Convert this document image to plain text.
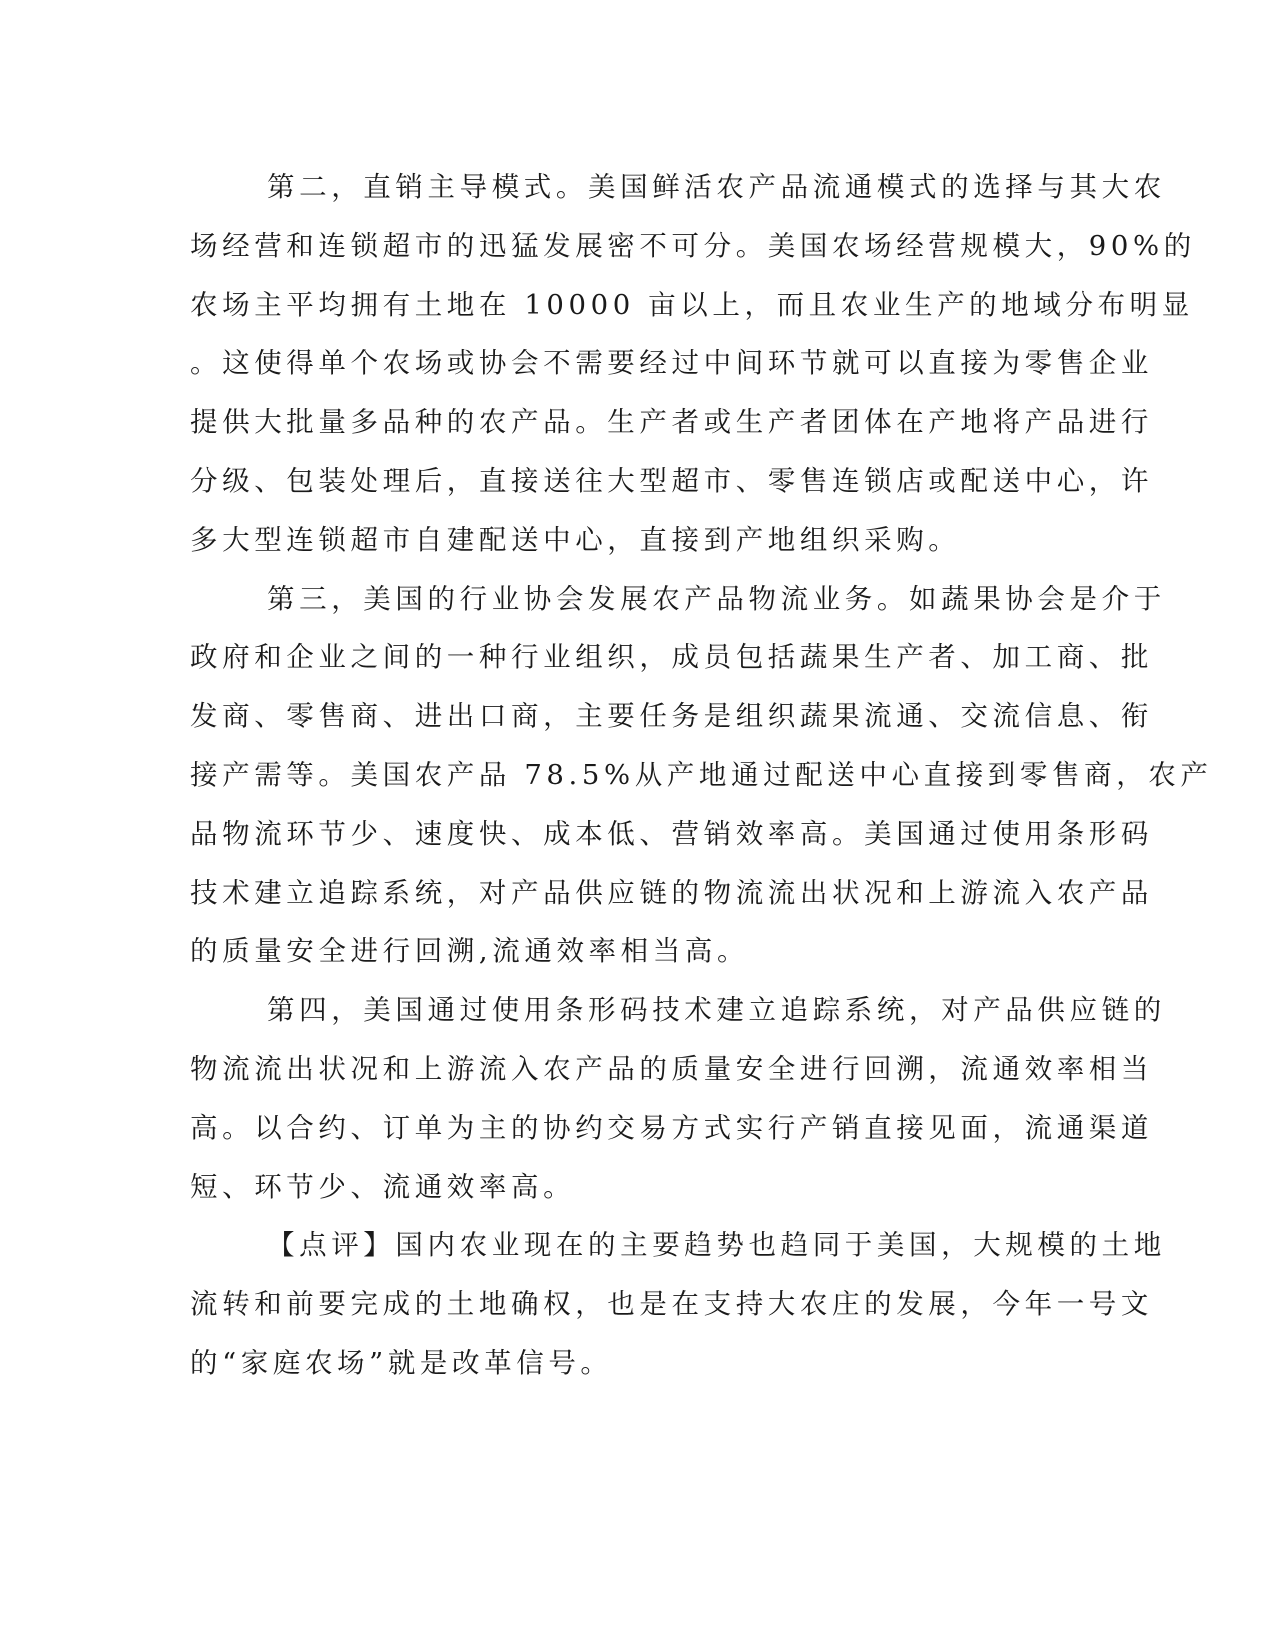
第二，直销主导模式。美国鲜活农产品流通模式的选择与其大农
场经营和连锁超市的迅猛发展密不可分。美国农场经营规模大，90%的
农场主平均拥有土地在 10000 亩以上，而且农业生产的地域分布明显
。这使得单个农场或协会不需要经过中间环节就可以直接为零售企业
提供大批量多品种的农产品。生产者或生产者团体在产地将产品进行
分级、包装处理后，直接送往大型超市、零售连锁店或配送中心，许
多大型连锁超市自建配送中心，直接到产地组织采购。
第三，美国的行业协会发展农产品物流业务。如蔬果协会是介于
政府和企业之间的一种行业组织，成员包括蔬果生产者、加工商、批
发商、零售商、进出口商，主要任务是组织蔬果流通、交流信息、衔
接产需等。美国农产品 78.5%从产地通过配送中心直接到零售商，农产
品物流环节少、速度快、成本低、营销效率高。美国通过使用条形码
技术建立追踪系统，对产品供应链的物流流出状况和上游流入农产品
的质量安全进行回溯,流通效率相当高。
第四，美国通过使用条形码技术建立追踪系统，对产品供应链的
物流流出状况和上游流入农产品的质量安全进行回溯，流通效率相当
高。以合约、订单为主的协约交易方式实行产销直接见面，流通渠道
短、环节少、流通效率高。
【点评】国内农业现在的主要趋势也趋同于美国，大规模的土地
流转和前要完成的土地确权，也是在支持大农庄的发展，今年一号文
的“家庭农场”就是改革信号。
